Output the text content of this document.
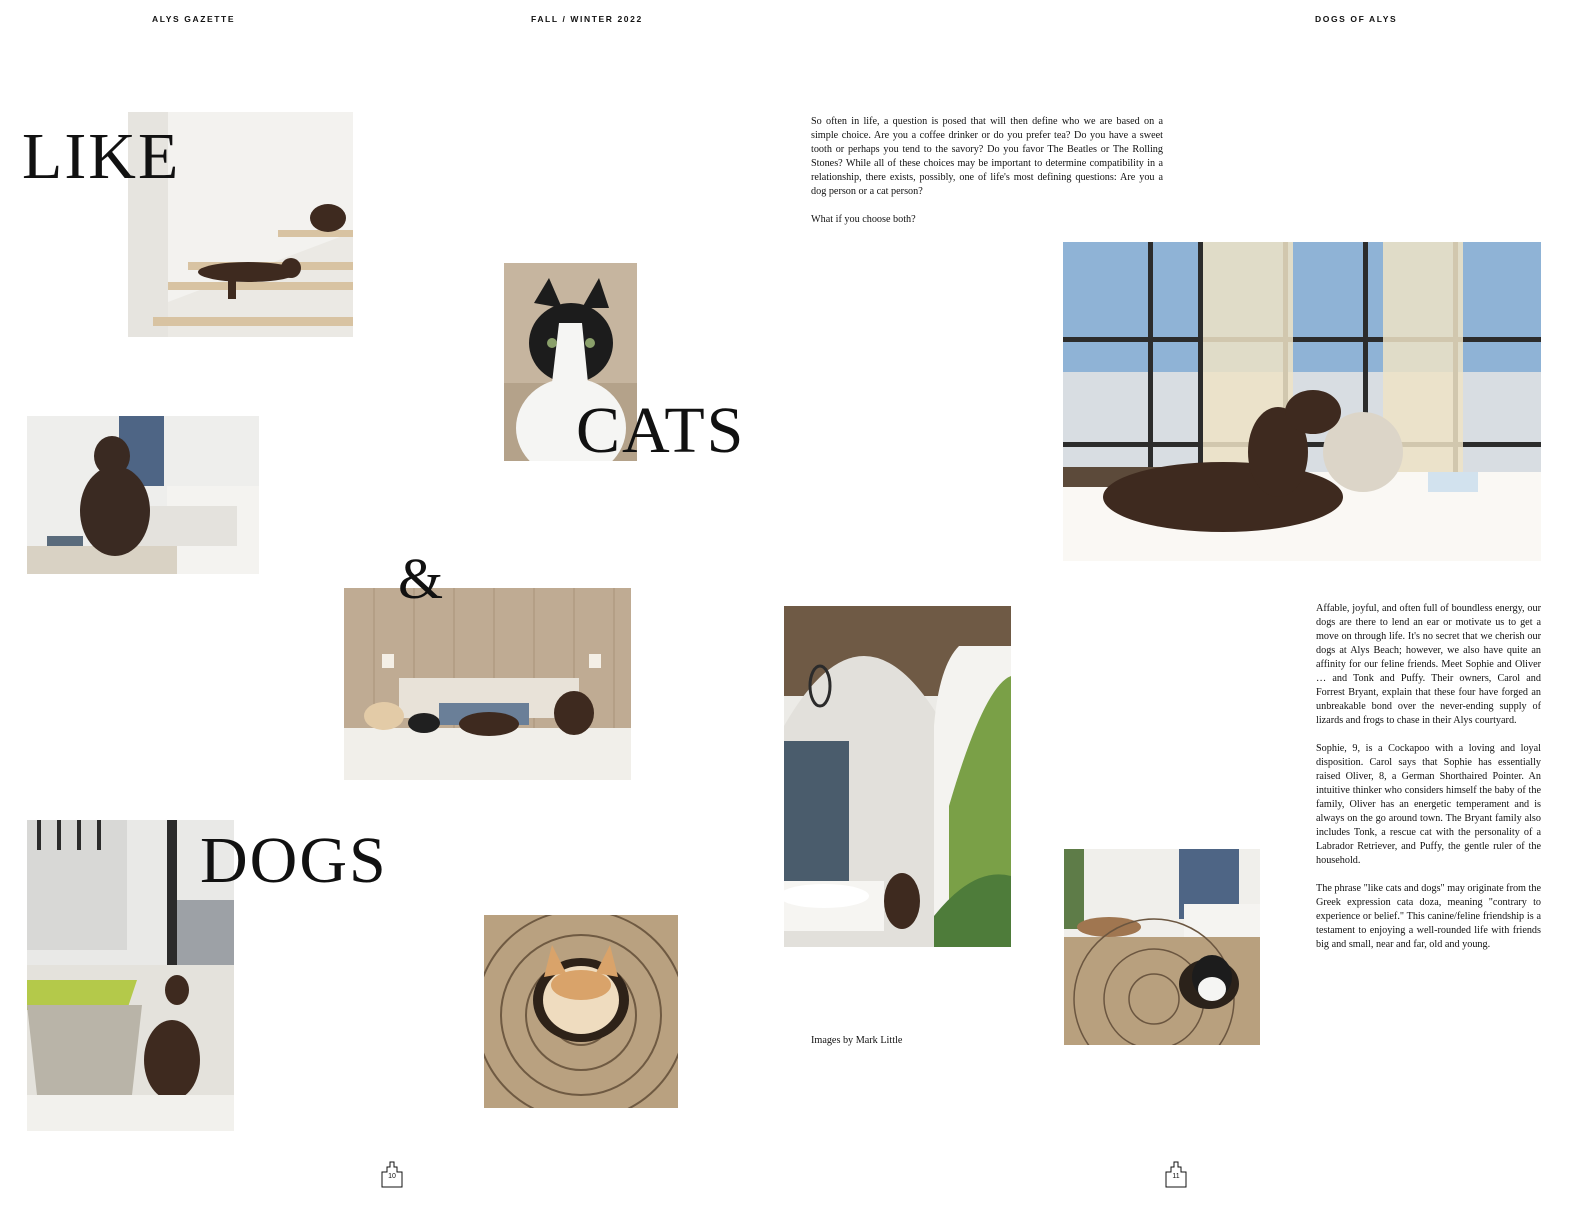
ALYS GAZETTE	FALL / WINTER 2022	DOGS OF ALYS
LIKE
CATS
&
DOGS

So often in life, a question is posed that will then define who we are based on a simple choice. Are you a coffee drinker or do you prefer tea? Do you have a sweet tooth or perhaps you tend to the savory? Do you favor The Beatles or The Rolling Stones? While all of these choices may be important to determine compatibility in a relationship, there exists, possibly, one of life's most defining questions: Are you a dog person or a cat person?

What if you choose both?

Affable, joyful, and often full of boundless energy, our dogs are there to lend an ear or motivate us to get a move on through life. It's no secret that we cherish our dogs at Alys Beach; however, we also have quite an affinity for our feline friends. Meet Sophie and Oliver … and Tonk and Puffy. Their owners, Carol and Forrest Bryant, explain that these four have forged an unbreakable bond over the never-ending supply of lizards and frogs to chase in their Alys courtyard.

Sophie, 9, is a Cockapoo with a loving and loyal disposition. Carol says that Sophie has essentially raised Oliver, 8, a German Shorthaired Pointer. An intuitive thinker who considers himself the baby of the family, Oliver has an energetic temperament and is always on the go around town. The Bryant family also includes Tonk, a rescue cat with the personality of a Labrador Retriever, and Puffy, the gentle ruler of the household.

The phrase "like cats and dogs" may originate from the Greek expression cata doza, meaning "contrary to experience or belief." This canine/feline friendship is a testament to enjoying a well-rounded life with friends big and small, near and far, old and young.

Images by Mark Little
10	11
